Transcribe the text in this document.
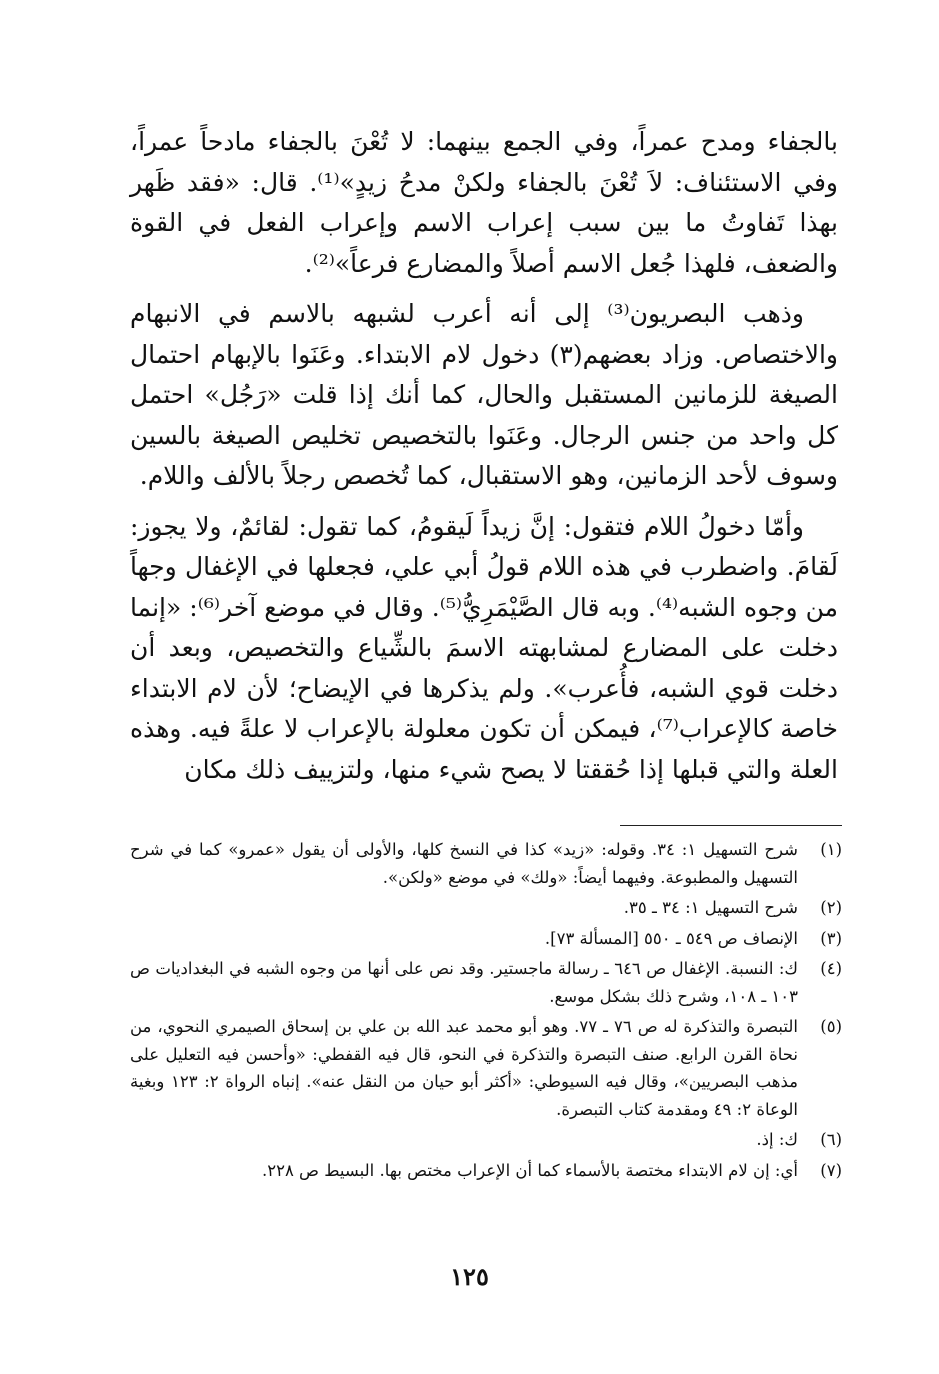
بالجفاء ومدح عمراً، وفي الجمع بينهما: لا تُعْنَ بالجفاء مادحاً عمراً، وفي الاستئناف: لاَ تُعْنَ بالجفاء ولكنْ مدحُ زيدٍ»⁽¹⁾. قال: «فقد ظَهر بهذا تَفاوتُ ما بين سبب إعراب الاسم وإعراب الفعل في القوة والضعف، فلهذا جُعل الاسم أصلاً والمضارع فرعاً»⁽²⁾.

وذهب البصريون⁽³⁾ إلى أنه أعرب لشبهه بالاسم في الانبهام والاختصاص. وزاد بعضهم(٣) دخول لام الابتداء. وعَنَوا بالإبهام احتمال الصيغة للزمانين المستقبل والحال، كما أنك إذا قلت «رَجُل» احتمل كل واحد من جنس الرجال. وعَنَوا بالتخصيص تخليص الصيغة بالسين وسوف لأحد الزمانين، وهو الاستقبال، كما تُخصص رجلاً بالألف واللام.

وأمّا دخولُ اللام فتقول: إنَّ زيداً لَيقومُ، كما تقول: لقائمٌ، ولا يجوز: لَقامَ. واضطرب في هذه اللام قولُ أبي علي، فجعلها في الإغفال وجهاً من وجوه الشبه⁽⁴⁾. وبه قال الصَّيْمَرِيُّ⁽⁵⁾. وقال في موضع آخر⁽⁶⁾: «إنما دخلت على المضارع لمشابهته الاسمَ بالشِّياع والتخصيص، وبعد أن دخلت قوي الشبه، فأُعرب». ولم يذكرها في الإيضاح؛ لأن لام الابتداء خاصة كالإعراب⁽⁷⁾، فيمكن أن تكون معلولة بالإعراب لا علةً فيه. وهذه العلة والتي قبلها إذا حُققتا لا يصح شيء منها، ولتزييف ذلك مكان

(١)
شرح التسهيل ١: ٣٤. وقوله: «زيد» كذا في النسخ كلها، والأولى أن يقول «عمرو» كما في شرح التسهيل والمطبوعة. وفيهما أيضاً: «ولك» في موضع «ولكن».
(٢)
شرح التسهيل ١: ٣٤ ـ ٣٥.
(٣)
الإنصاف ص ٥٤٩ ـ ٥٥٠ [المسألة ٧٣].
(٤)
ك: النسبة. الإغفال ص ٦٤٦ ـ رسالة ماجستير. وقد نص على أنها من وجوه الشبه في البغداديات ص ١٠٣ ـ ١٠٨، وشرح ذلك بشكل موسع.
(٥)
التبصرة والتذكرة له ص ٧٦ ـ ٧٧. وهو أبو محمد عبد الله بن علي بن إسحاق الصيمري النحوي، من نحاة القرن الرابع. صنف التبصرة والتذكرة في النحو، قال فيه القفطي: «وأحسن فيه التعليل على مذهب البصريين»، وقال فيه السيوطي: «أكثر أبو حيان من النقل عنه». إنباه الرواة ٢: ١٢٣ وبغية الوعاة ٢: ٤٩ ومقدمة كتاب التبصرة.
(٦)
ك: إذ.
(٧)
أي: إن لام الابتداء مختصة بالأسماء كما أن الإعراب مختص بها. البسيط ص ٢٢٨.
١٢٥
